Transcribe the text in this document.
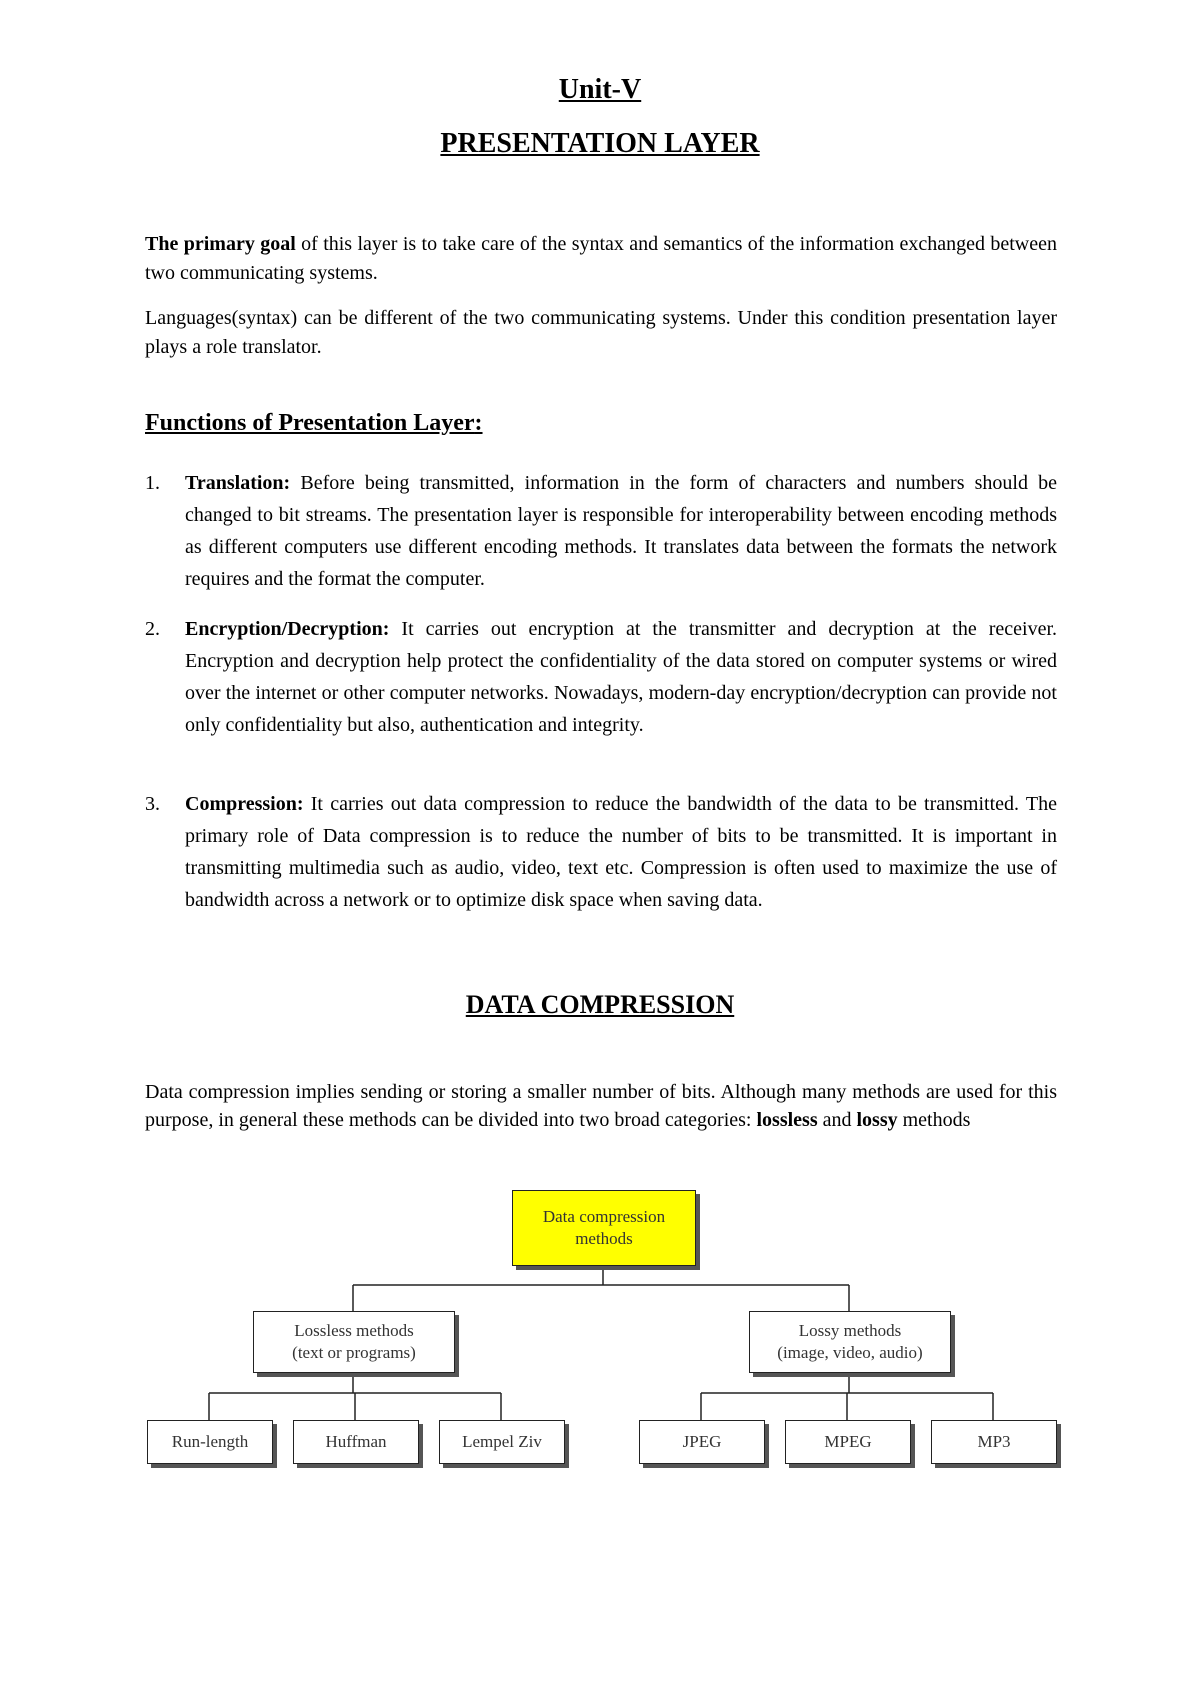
Unit-V
PRESENTATION LAYER

The primary goal of this layer is to take care of the syntax and semantics of the information exchanged between two communicating systems.

Languages(syntax) can be different of the two communicating systems. Under this condition presentation layer plays a role translator.

Functions of Presentation Layer:
1.	Translation: Before being transmitted, information in the form of characters and numbers should be changed to bit streams. The presentation layer is responsible for interoperability between encoding methods as different computers use different encoding methods. It translates data between the formats the network requires and the format the computer.
2.	Encryption/Decryption: It carries out encryption at the transmitter and decryption at the receiver. Encryption and decryption help protect the confidentiality of the data stored on computer systems or wired over the internet or other computer networks. Nowadays, modern-day encryption/decryption can provide not only confidentiality but also, authentication and integrity.
3.	Compression: It carries out data compression to reduce the bandwidth of the data to be transmitted. The primary role of Data compression is to reduce the number of bits to be transmitted. It is important in transmitting multimedia such as audio, video, text etc. Compression is often used to maximize the use of bandwidth across a network or to optimize disk space when saving data.
DATA COMPRESSION

Data compression implies sending or storing a smaller number of bits. Although many methods are used for this purpose, in general these methods can be divided into two broad categories: lossless and lossy methods

Data compression
methods
Lossless methods
(text or programs)
Lossy methods
(image, video, audio)
Run-length	Huffman	Lempel Ziv	JPEG	MPEG	MP3
